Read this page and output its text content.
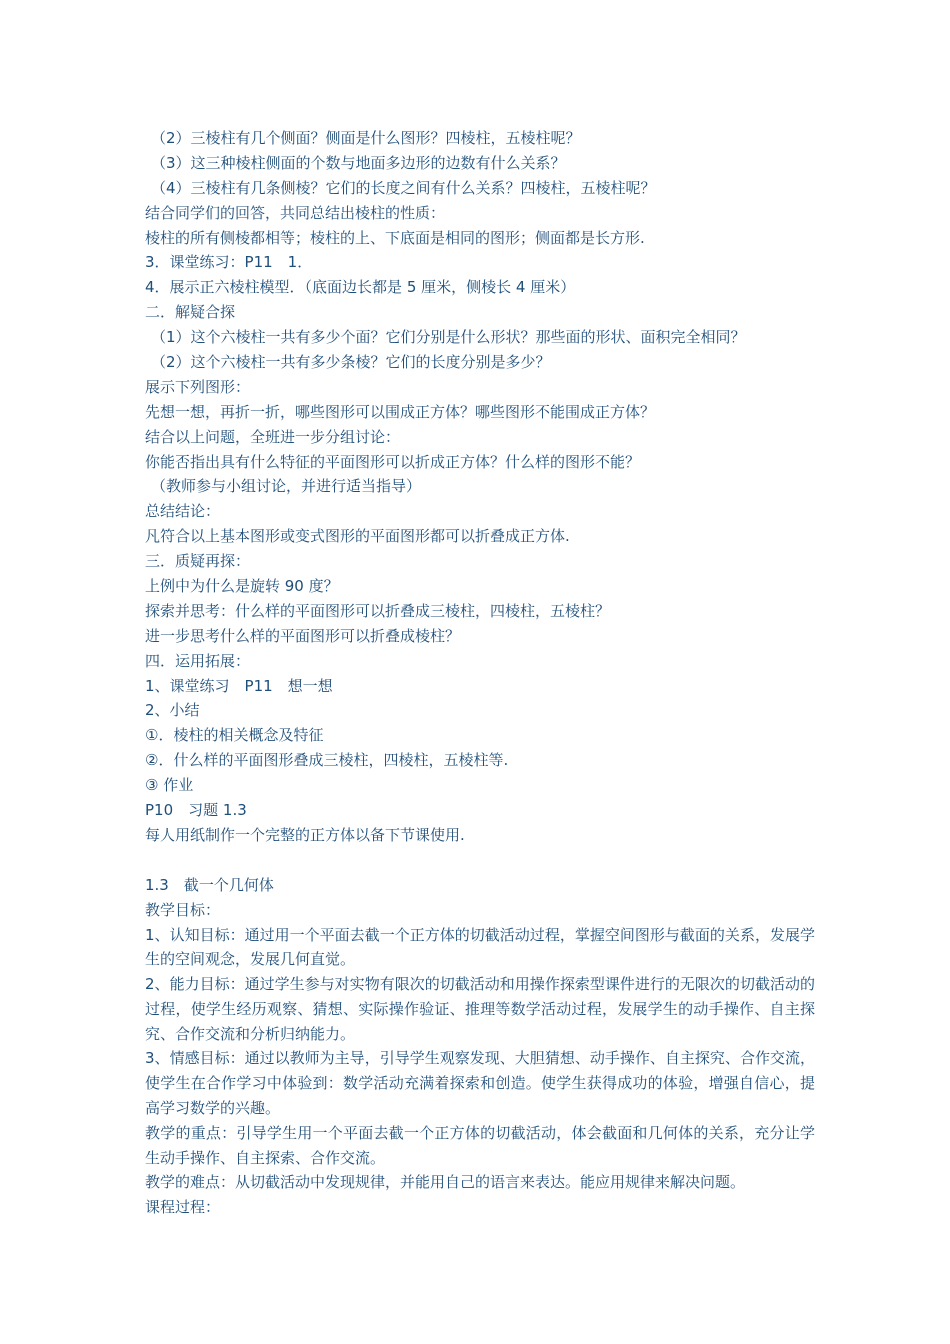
（2）三棱柱有几个侧面？侧面是什么图形？四棱柱，五棱柱呢？
（3）这三种棱柱侧面的个数与地面多边形的边数有什么关系？
（4）三棱柱有几条侧棱？它们的长度之间有什么关系？四棱柱，五棱柱呢？
结合同学们的回答，共同总结出棱柱的性质：
棱柱的所有侧棱都相等；棱柱的上、下底面是相同的图形；侧面都是长方形.
3．课堂练习：P11　1．
4．展示正六棱柱模型．（底面边长都是 5 厘米，侧棱长 4 厘米）
二．解疑合探
（1）这个六棱柱一共有多少个面？它们分别是什么形状？那些面的形状、面积完全相同？
（2）这个六棱柱一共有多少条棱？它们的长度分别是多少？
展示下列图形：
先想一想，再折一折，哪些图形可以围成正方体？哪些图形不能围成正方体？
结合以上问题，全班进一步分组讨论：
你能否指出具有什么特征的平面图形可以折成正方体？什么样的图形不能？
（教师参与小组讨论，并进行适当指导）
总结结论：
凡符合以上基本图形或变式图形的平面图形都可以折叠成正方体.
三．质疑再探：
上例中为什么是旋转 90 度？
探索并思考：什么样的平面图形可以折叠成三棱柱，四棱柱，五棱柱？
进一步思考什么样的平面图形可以折叠成棱柱？
四．运用拓展：
1、课堂练习　P11　想一想
2、小结
①．棱柱的相关概念及特征
②．什么样的平面图形叠成三棱柱，四棱柱，五棱柱等.
③ 作业
P10　习题 1.3
每人用纸制作一个完整的正方体以备下节课使用.
1.3　截一个几何体
教学目标：
1、认知目标：通过用一个平面去截一个正方体的切截活动过程，掌握空间图形与截面的关系，发展学生的空间观念，发展几何直觉。
2、能力目标：通过学生参与对实物有限次的切截活动和用操作探索型课件进行的无限次的切截活动的过程，使学生经历观察、猜想、实际操作验证、推理等数学活动过程，发展学生的动手操作、自主探究、合作交流和分析归纳能力。
3、情感目标：通过以教师为主导，引导学生观察发现、大胆猜想、动手操作、自主探究、合作交流，使学生在合作学习中体验到：数学活动充满着探索和创造。使学生获得成功的体验，增强自信心，提高学习数学的兴趣。
教学的重点：引导学生用一个平面去截一个正方体的切截活动，体会截面和几何体的关系，充分让学生动手操作、自主探索、合作交流。
教学的难点：从切截活动中发现规律，并能用自己的语言来表达。能应用规律来解决问题。
课程过程：
